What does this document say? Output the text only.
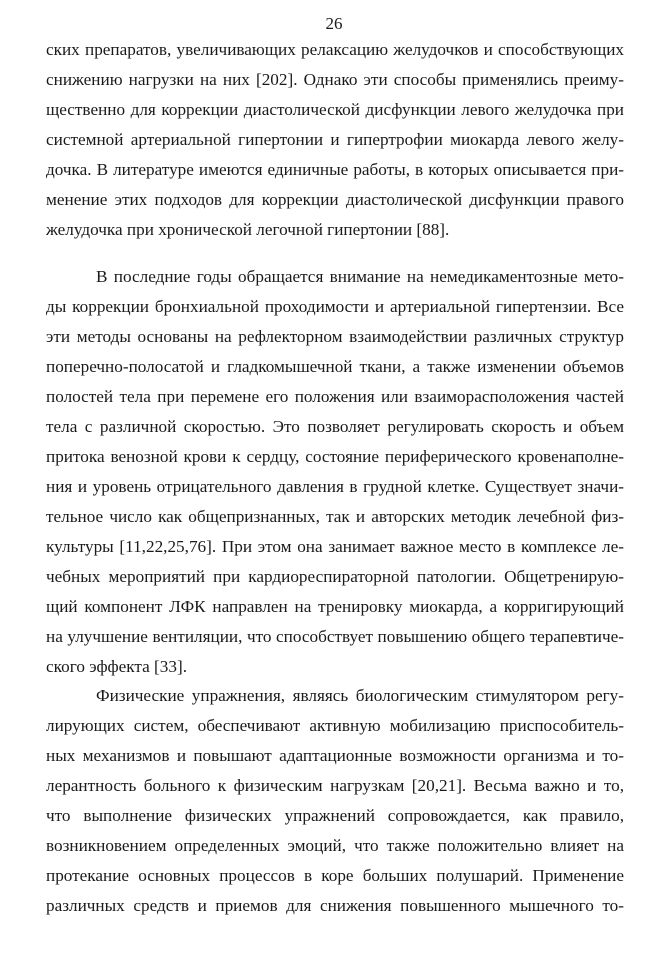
26
ских препаратов, увеличивающих релаксацию желудочков и способствующих
снижению нагрузки на них [202]. Однако эти способы применялись преиму-
щественно для коррекции диастолической дисфункции левого желудочка при
системной артериальной гипертонии и гипертрофии миокарда левого желу-
дочка. В литературе имеются единичные работы, в которых описывается при-
менение этих подходов для коррекции диастолической дисфункции правого
желудочка при хронической легочной гипертонии [88].
В последние годы обращается внимание на немедикаментозные мето-
ды коррекции бронхиальной проходимости и артериальной гипертензии. Все
эти методы основаны на рефлекторном взаимодействии различных структур
поперечно-полосатой и гладкомышечной ткани, а также изменении объемов
полостей тела при перемене его положения или взаиморасположения частей
тела с различной скоростью. Это позволяет регулировать скорость и объем
притока венозной крови к сердцу, состояние периферического кровенаполне-
ния и уровень отрицательного давления в грудной клетке. Существует значи-
тельное число как общепризнанных, так и авторских методик лечебной физ-
культуры [11,22,25,76]. При этом она занимает важное место в комплексе ле-
чебных мероприятий при кардиореспираторной патологии. Общетренирую-
щий компонент ЛФК направлен на тренировку миокарда, а корригирующий
на улучшение вентиляции, что способствует повышению общего терапевтиче-
ского эффекта [33].
Физические упражнения, являясь биологическим стимулятором регу-
лирующих систем, обеспечивают активную мобилизацию приспособитель-
ных механизмов и повышают адаптационные возможности организма и то-
лерантность больного к физическим нагрузкам [20,21]. Весьма важно и то,
что выполнение физических упражнений сопровождается, как правило,
возникновением определенных эмоций, что также положительно влияет на
протекание основных процессов в коре больших полушарий. Применение
различных средств и приемов для снижения повышенного мышечного то-
